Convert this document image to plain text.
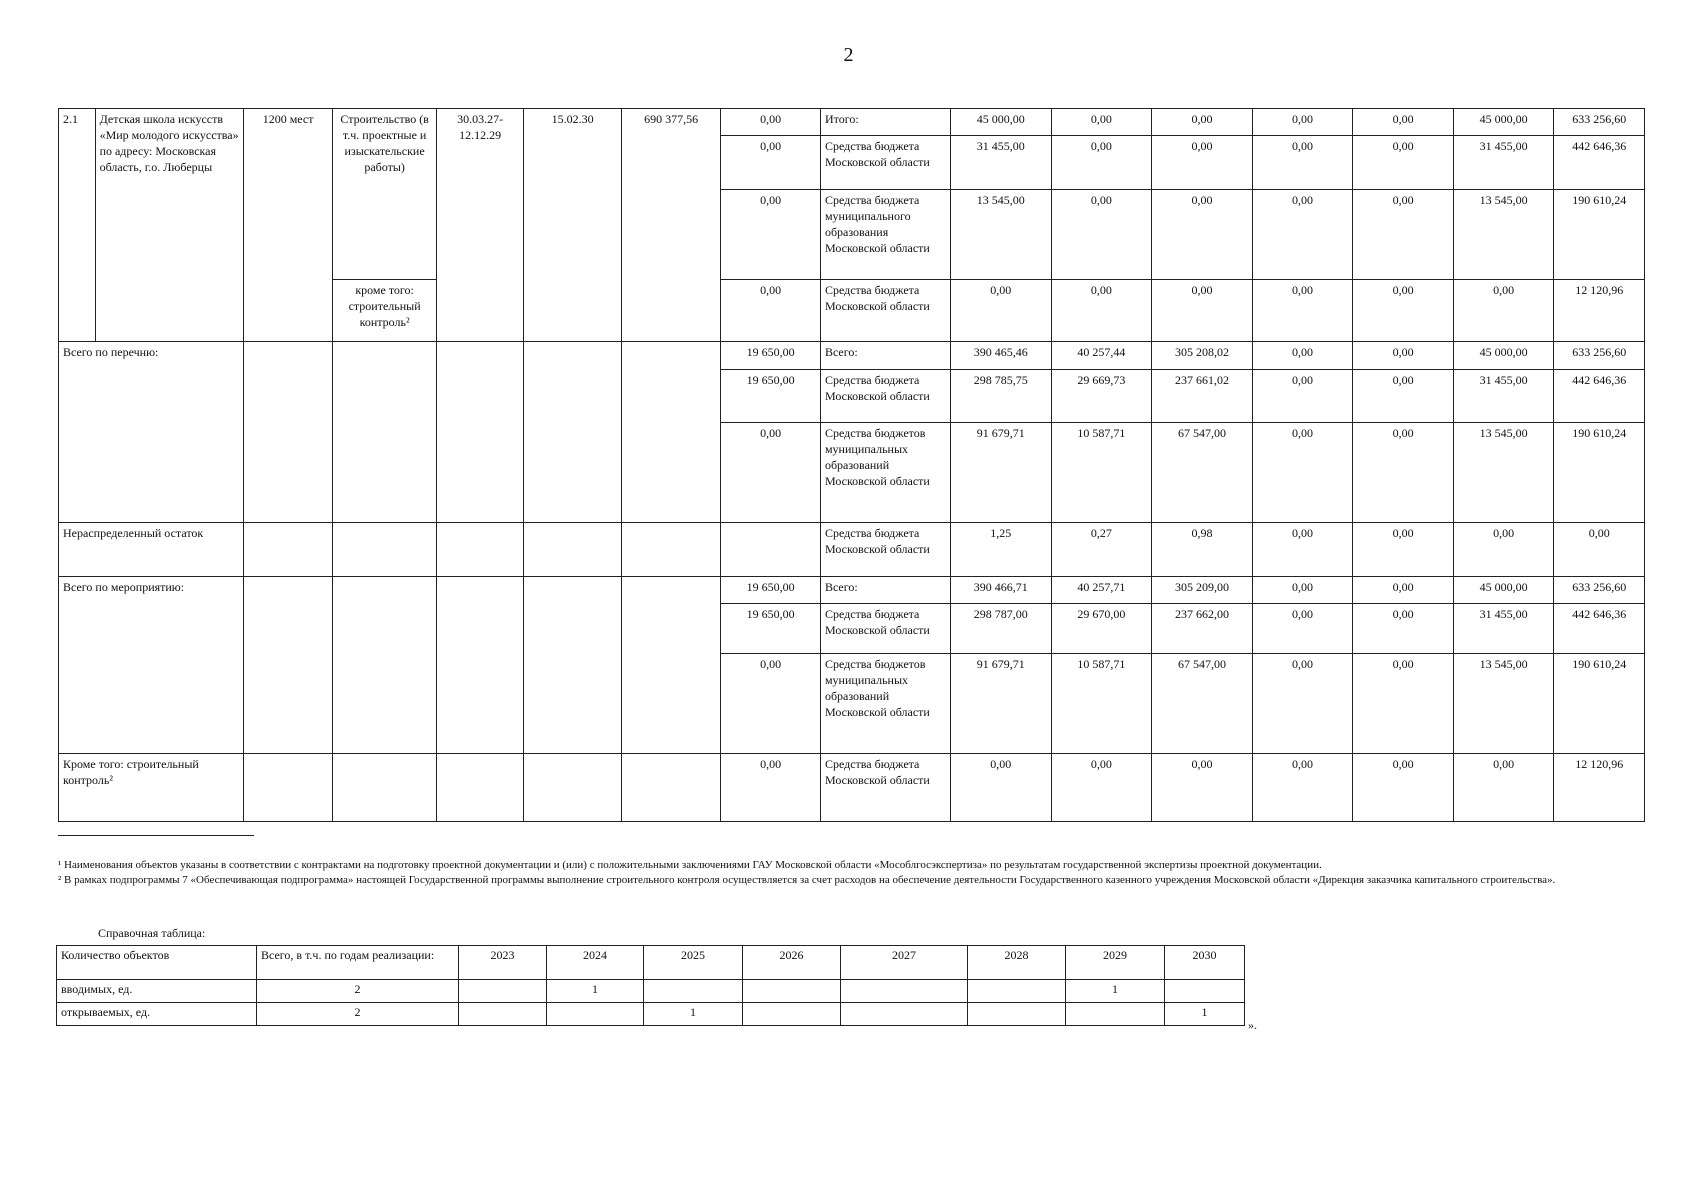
2
2.1	Детская школа искусств «Мир молодого искусства» по адресу: Московская область, г.о. Люберцы	1200 мест	Строительство (в т.ч. проектные и изыскательские работы)	30.03.27-12.12.29	15.02.30	690 377,56	0,00	Итого:	45 000,00	0,00	0,00	0,00	0,00	45 000,00	633 256,60
							0,00	Средства бюджета Московской области	31 455,00	0,00	0,00	0,00	0,00	31 455,00	442 646,36
							0,00	Средства бюджета муниципального образования Московской области	13 545,00	0,00	0,00	0,00	0,00	13 545,00	190 610,24
			кроме того: строительный контроль²				0,00	Средства бюджета Московской области	0,00	0,00	0,00	0,00	0,00	0,00	12 120,96
Всего по перечню:							19 650,00	Всего:	390 465,46	40 257,44	305 208,02	0,00	0,00	45 000,00	633 256,60
							19 650,00	Средства бюджета Московской области	298 785,75	29 669,73	237 661,02	0,00	0,00	31 455,00	442 646,36
							0,00	Средства бюджетов муниципальных образований Московской области	91 679,71	10 587,71	67 547,00	0,00	0,00	13 545,00	190 610,24
Нераспределенный остаток								Средства бюджета Московской области	1,25	0,27	0,98	0,00	0,00	0,00	0,00
Всего по мероприятию:							19 650,00	Всего:	390 466,71	40 257,71	305 209,00	0,00	0,00	45 000,00	633 256,60
							19 650,00	Средства бюджета Московской области	298 787,00	29 670,00	237 662,00	0,00	0,00	31 455,00	442 646,36
							0,00	Средства бюджетов муниципальных образований Московской области	91 679,71	10 587,71	67 547,00	0,00	0,00	13 545,00	190 610,24
Кроме того: строительный контроль²							0,00	Средства бюджета Московской области	0,00	0,00	0,00	0,00	0,00	0,00	12 120,96

¹ Наименования объектов указаны в соответствии с контрактами на подготовку проектной документации и (или) с положительными заключениями ГАУ Московской области «Мособлгосэкспертиза» по результатам государственной экспертизы проектной документации.

² В рамках подпрограммы 7 «Обеспечивающая подпрограмма» настоящей Государственной программы выполнение строительного контроля осуществляется за счет расходов на обеспечение деятельности Государственного казенного учреждения Московской области «Дирекция заказчика капитального строительства».

Справочная таблица:
Количество объектов	Всего, в т.ч. по годам реализации:	2023	2024	2025	2026	2027	2028	2029	2030
вводимых, ед.	2		1					1	
открываемых, ед.	2			1					1
».
